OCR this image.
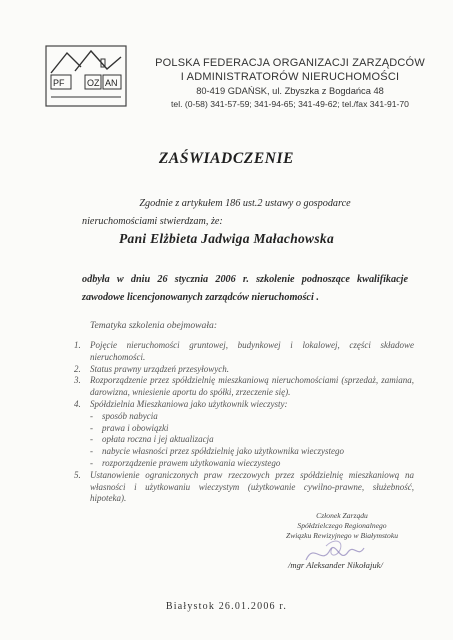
PF OZ AN
POLSKA FEDERACJA ORGANIZACJI ZARZĄDCÓW
I ADMINISTRATORÓW NIERUCHOMOŚCI
80-419 GDAŃSK, ul. Zbyszka z Bogdańca 48
tel. (0-58) 341-57-59; 341-94-65; 341-49-62; tel./fax 341-91-70
ZAŚWIADCZENIE
Zgodnie z artykułem 186 ust.2 ustawy o gospodarce
nieruchomościami stwierdzam, że:
Pani Elżbieta Jadwiga Małachowska
odbyła w dniu 26 stycznia 2006 r. szkolenie podnoszące kwalifikacje zawodowe licencjonowanych zarządców nieruchomości .
Tematyka szkolenia obejmowała:
1.	Pojęcie nieruchomości gruntowej, budynkowej i lokalowej, części składowe nieruchomości.
2.	Status prawny urządzeń przesyłowych.
3.	Rozporządzenie przez spółdzielnię mieszkaniową nieruchomościami (sprzedaż, zamiana, darowizna, wniesienie aportu do spółki, zrzeczenie się).
4.	Spółdzielnia Mieszkaniowa jako użytkownik wieczysty:
-	sposób nabycia
-	prawa i obowiązki
-	opłata roczna i jej aktualizacja
-	nabycie własności przez spółdzielnię jako użytkownika wieczystego
-	rozporządzenie prawem użytkowania wieczystego
5.	Ustanowienie ograniczonych praw rzeczowych przez spółdzielnię mieszkaniową na własności i użytkowaniu wieczystym (użytkowanie cywilno-prawne, służebność, hipoteka).
Członek Zarządu
Spółdzielczego Regionalnego
Związku Rewizyjnego w Białymstoku
/mgr Aleksander Nikołajuk/
Białystok 26.01.2006 r.
